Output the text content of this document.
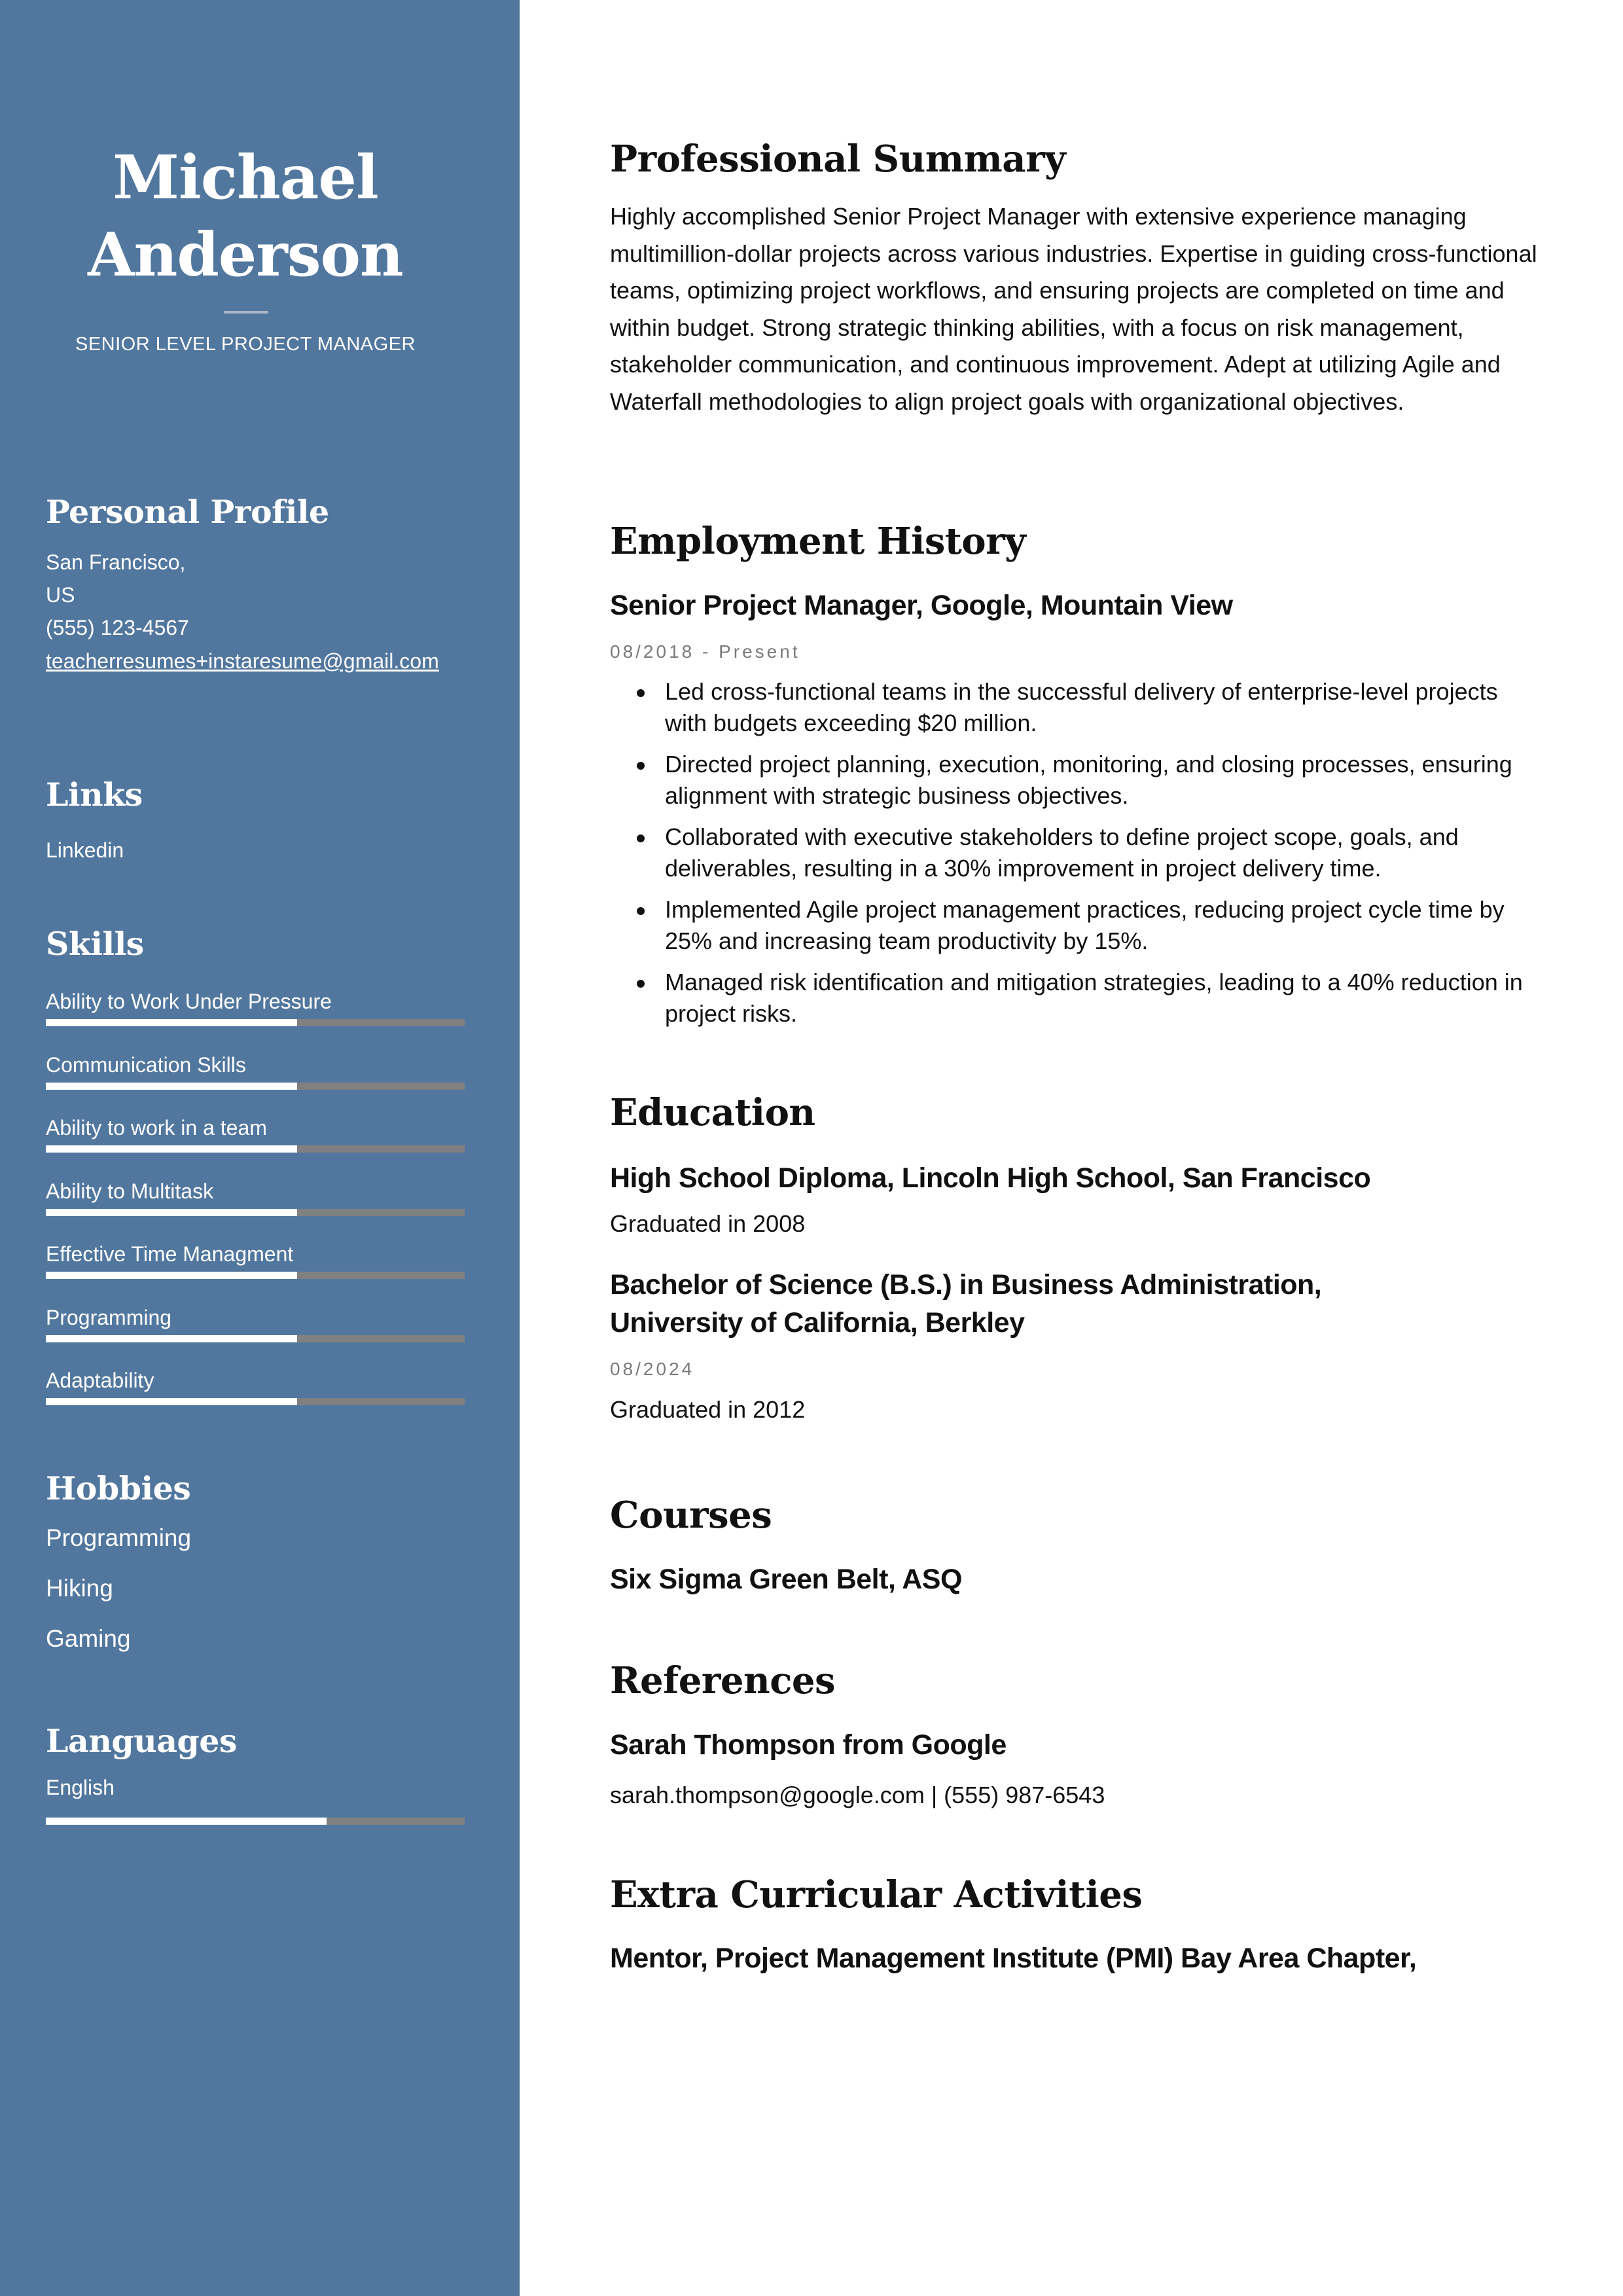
Michael
Anderson
SENIOR LEVEL PROJECT MANAGER
Personal Profile
San Francisco,
US
(555) 123-4567
teacherresumes+instaresume@gmail.com
Links
Linkedin
Skills
Ability to Work Under Pressure
Communication Skills
Ability to work in a team
Ability to Multitask
Effective Time Managment
Programming
Adaptability
Hobbies
Programming
Hiking
Gaming
Languages
English
Professional Summary
Highly accomplished Senior Project Manager with extensive experience managing multimillion-dollar projects across various industries. Expertise in guiding cross-functional teams, optimizing project workflows, and ensuring projects are completed on time and within budget. Strong strategic thinking abilities, with a focus on risk management, stakeholder communication, and continuous improvement. Adept at utilizing Agile and Waterfall methodologies to align project goals with organizational objectives.
Employment History
Senior Project Manager, Google, Mountain View
08/2018 - Present
Led cross-functional teams in the successful delivery of enterprise-level projects with budgets exceeding $20 million.
Directed project planning, execution, monitoring, and closing processes, ensuring alignment with strategic business objectives.
Collaborated with executive stakeholders to define project scope, goals, and deliverables, resulting in a 30% improvement in project delivery time.
Implemented Agile project management practices, reducing project cycle time by 25% and increasing team productivity by 15%.
Managed risk identification and mitigation strategies, leading to a 40% reduction in project risks.
Education
High School Diploma, Lincoln High School, San Francisco
Graduated in 2008
Bachelor of Science (B.S.) in Business Administration,
University of California, Berkley
08/2024
Graduated in 2012
Courses
Six Sigma Green Belt, ASQ
References
Sarah Thompson from Google
sarah.thompson@google.com | (555) 987-6543
Extra Curricular Activities
Mentor, Project Management Institute (PMI) Bay Area Chapter,
